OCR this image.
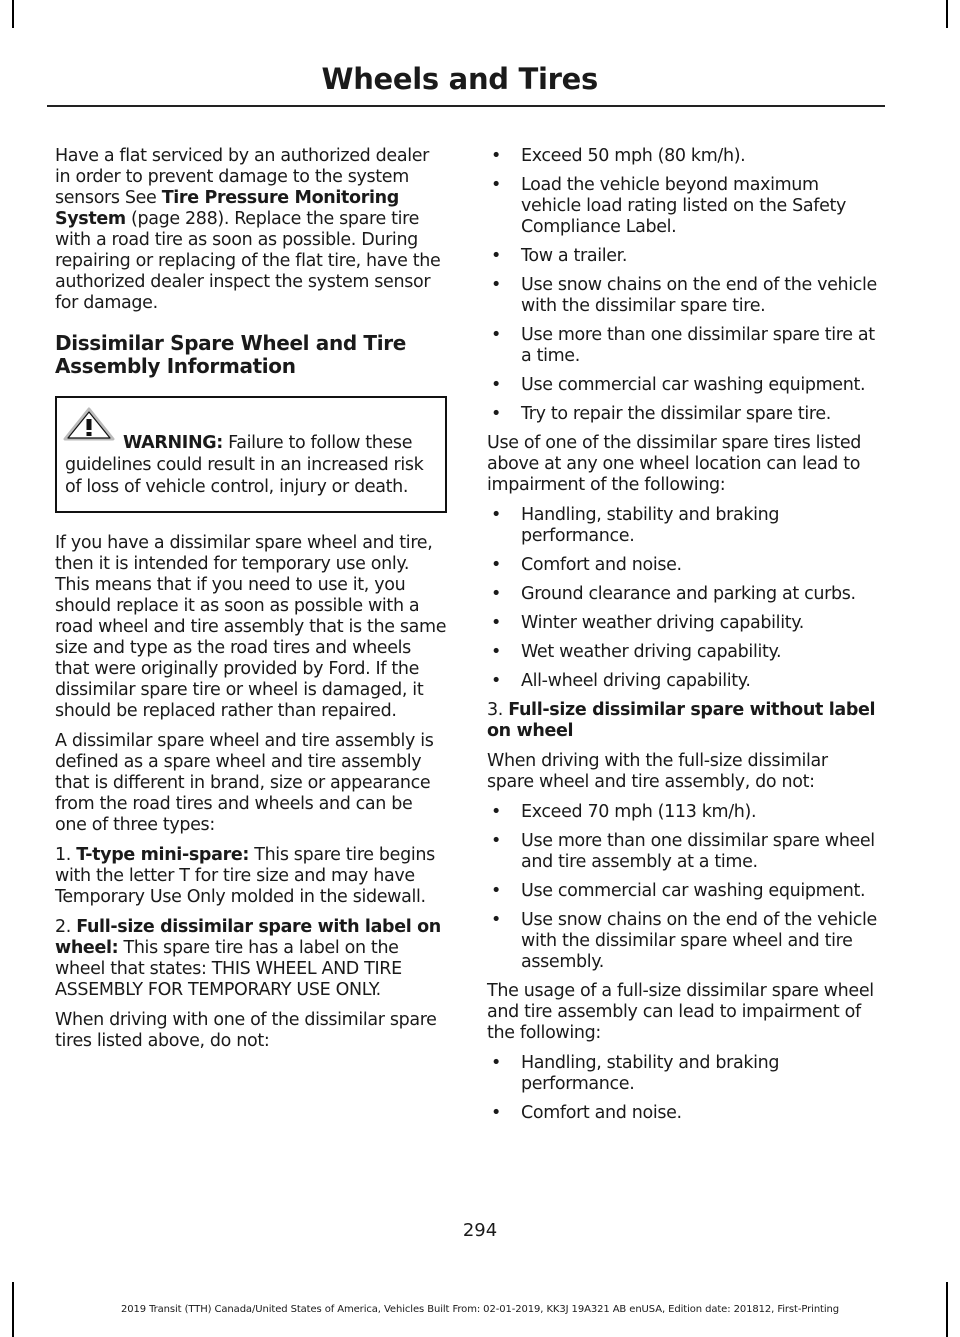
Wheels and Tires

Have a flat serviced by an authorized dealer in order to prevent damage to the system sensors See Tire Pressure Monitoring System (page 288). Replace the spare tire with a road tire as soon as possible. During repairing or replacing of the flat tire, have the authorized dealer inspect the system sensor for damage.

Dissimilar Spare Wheel and Tire Assembly Information
WARNING: Failure to follow these guidelines could result in an increased risk of loss of vehicle control, injury or death.

If you have a dissimilar spare wheel and tire, then it is intended for temporary use only. This means that if you need to use it, you should replace it as soon as possible with a road wheel and tire assembly that is the same size and type as the road tires and wheels that were originally provided by Ford. If the dissimilar spare tire or wheel is damaged, it should be replaced rather than repaired.

A dissimilar spare wheel and tire assembly is defined as a spare wheel and tire assembly that is different in brand, size or appearance from the road tires and wheels and can be one of three types:

1. T-type mini-spare: This spare tire begins with the letter T for tire size and may have Temporary Use Only molded in the sidewall.

2. Full-size dissimilar spare with label on wheel: This spare tire has a label on the wheel that states: THIS WHEEL AND TIRE ASSEMBLY FOR TEMPORARY USE ONLY.

When driving with one of the dissimilar spare tires listed above, do not:

• Exceed 50 mph (80 km/h).
• Load the vehicle beyond maximum vehicle load rating listed on the Safety Compliance Label.
• Tow a trailer.
• Use snow chains on the end of the vehicle with the dissimilar spare tire.
• Use more than one dissimilar spare tire at a time.
• Use commercial car washing equipment.
• Try to repair the dissimilar spare tire.

Use of one of the dissimilar spare tires listed above at any one wheel location can lead to impairment of the following:

• Handling, stability and braking performance.
• Comfort and noise.
• Ground clearance and parking at curbs.
• Winter weather driving capability.
• Wet weather driving capability.
• All-wheel driving capability.

3. Full-size dissimilar spare without label on wheel

When driving with the full-size dissimilar spare wheel and tire assembly, do not:

• Exceed 70 mph (113 km/h).
• Use more than one dissimilar spare wheel and tire assembly at a time.
• Use commercial car washing equipment.
• Use snow chains on the end of the vehicle with the dissimilar spare wheel and tire assembly.

The usage of a full-size dissimilar spare wheel and tire assembly can lead to impairment of the following:

• Handling, stability and braking performance.
• Comfort and noise.
294
2019 Transit (TTH) Canada/United States of America, Vehicles Built From: 02-01-2019, KK3J 19A321 AB enUSA, Edition date: 201812, First-Printing
